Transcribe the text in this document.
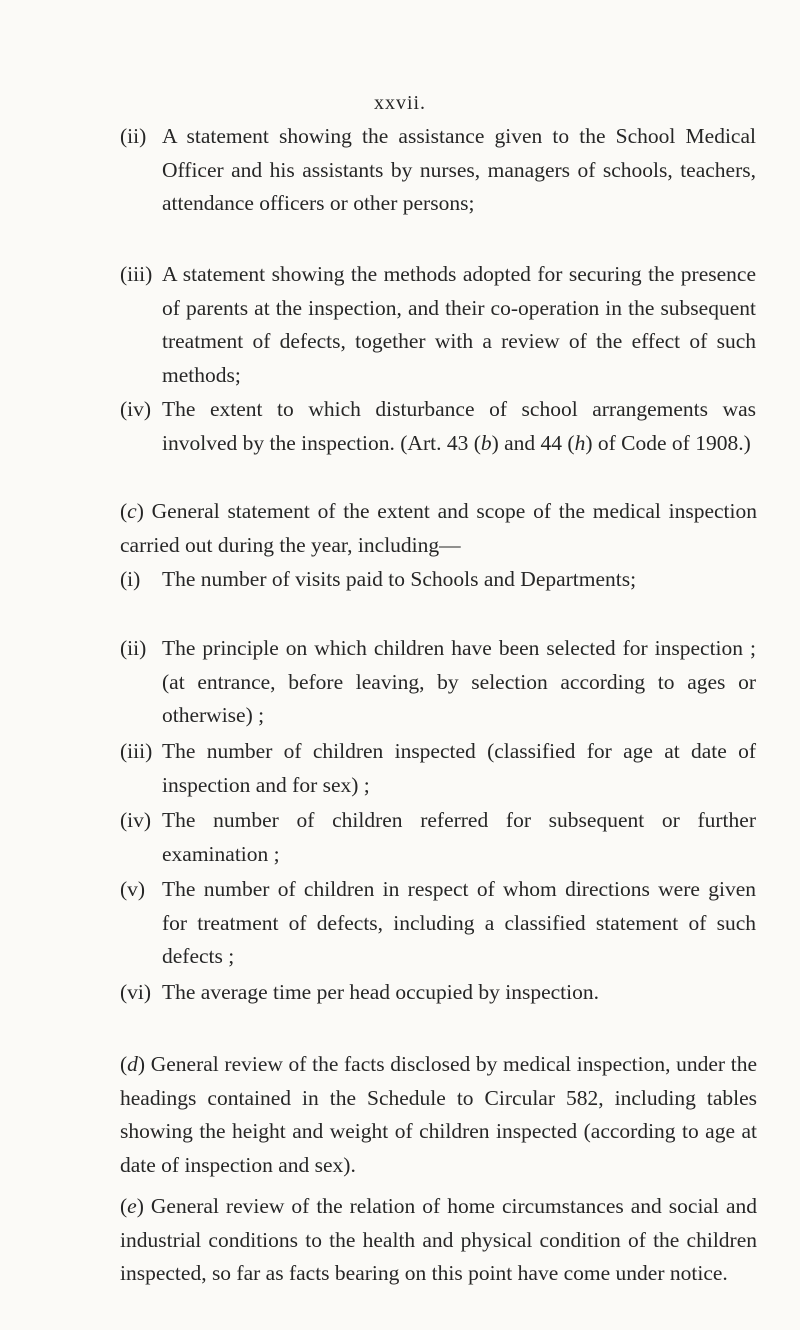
xxvii.
(ii) A statement showing the assistance given to the School Medical Officer and his assistants by nurses, managers of schools, teachers, attendance officers or other persons;
(iii) A statement showing the methods adopted for securing the presence of parents at the inspection, and their co-operation in the subsequent treatment of defects, together with a review of the effect of such methods;
(iv) The extent to which disturbance of school arrangements was involved by the inspection. (Art. 43 (b) and 44 (h) of Code of 1908.)
(c) General statement of the extent and scope of the medical inspection carried out during the year, including—
(i) The number of visits paid to Schools and Departments;
(ii) The principle on which children have been selected for inspection ; (at entrance, before leaving, by selection according to ages or otherwise) ;
(iii) The number of children inspected (classified for age at date of inspection and for sex) ;
(iv) The number of children referred for subsequent or further examination ;
(v) The number of children in respect of whom directions were given for treatment of defects, including a classified statement of such defects ;
(vi) The average time per head occupied by inspection.
(d) General review of the facts disclosed by medical inspection, under the headings contained in the Schedule to Circular 582, including tables showing the height and weight of children inspected (according to age at date of inspection and sex).
(e) General review of the relation of home circumstances and social and industrial conditions to the health and physical condition of the children inspected, so far as facts bearing on this point have come under notice.
